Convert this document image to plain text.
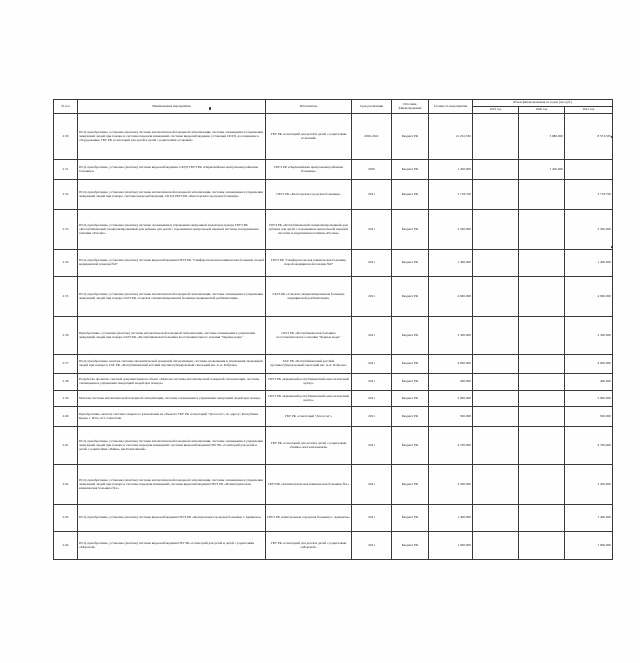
№ п/п	Наименование мероприятия	Исполнитель	Срок реализации	Источник финансирования	Стоимость мероприятия	Объем финансирования по годам (тыс.руб.)		
						2019 год	2020 год	2021 год
2.50	ПСД, приобретение, установка (монтаж) системы автоматической пожарной сигнализации, системы оповещения и управления эвакуацией людей при пожаре и системы передачи извещений, системы видеонаблюдения, установки СКУД, дооснащение к оборудованию ГБУ РК «Санаторий для детей и детей с родителями «Сакский»	ГБУ РК «Санаторий для детей и детей с родителями «Сакский»	2020-2021	Бюджет РК	12 252,565		3 680,000	8 572,565
2.51	ПСД, приобретение, установка (монтаж) системы видеонаблюдения, СКУД ГБУЗ РК «Первомайская центральная районная больница»	ГБУЗ РК «Первомайская центральная районная больница»	2020	Бюджет РК	1 450,000		1 450,000	
2.52	ПСД, приобретение, установка (монтаж) системы автоматической пожарной сигнализации, системы оповещения и управления эвакуацией людей при пожаре, системы видеонаблюдения, СКУД ГБУЗ РК «Белогорская городская больница»	ГБУЗ РК «Белогорская городская больница»	2021	Бюджет РК	3 718,700			3 718,700
2.53	ПСД, приобретение, установка (монтаж) системы оповещения и управления эвакуацией людей при пожаре ГБУЗ РК «Республиканский специализированный дом ребенка для детей с поражением центральной нервной системы и нарушением психики «Елочка»	ГБУЗ РК «Республиканский специализированный дом ребенка для детей с поражением центральной нервной системы и нарушением психики «Елочка»	2021	Бюджет РК	2 500,000			2 500,000
2.54	ПСД, приобретение, установка (монтаж) системы видеонаблюдения ГБУЗ РК "Симферопольская клиническая больница скорой медицинской помощи №6"	ГБУЗ РК "Симферопольская клиническая больница скорой медицинской помощи №6"	2021	Бюджет РК	1 400,000			1 400,000
2.55	ПСД, приобретение, установка (монтаж) системы автоматической пожарной сигнализации, системы оповещения и управления эвакуацией людей при пожаре ГАУЗ РК «Сакская специализированная больница медицинской реабилитации»	ГАУЗ РК «Сакская специализированная больница медицинской реабилитации»	2021	Бюджет РК	4 900,000			4 900,000
2.56	Приобретение, установка (монтаж) системы автоматической пожарной сигнализации, системы оповещения и управления эвакуацией людей при пожаре ГАУЗ РК «Республиканская больница восстановительного лечения "Черные воды"	ГАУЗ РК «Республиканская больница восстановительного лечения "Черные воды"	2021	Бюджет РК	2 300,000			2 300,000
2.57	ПСД, приобретение, монтаж системы автоматической пожарной сигнализации, системы оповещения и управления эвакуацией людей при пожаре в ГАУ РК «Республиканский детский противотуберкулезный санаторий им. А.А. Боброва»	ГАУ РК «Республиканский детский противотуберкулезный санаторий им. А.А. Боброва»	2021	Бюджет РК	4 000,000			4 000,000
2.58	Разработка проектно-сметной документации на объект «Монтаж системы автоматической пожарной сигнализации, системы оповещения и управления эвакуацией людей при пожаре»	ГБУЗ РК «Крымский республиканский онкологический центр»	2021	Бюджет РК	400,000			400,000
2.59	Монтаж системы автоматической пожарной сигнализации, системы оповещения и управления эвакуацией людей при пожаре	ГБУЗ РК «Крымский республиканский онкологический центр»	2021	Бюджет РК	5 900,000			5 900,000
2.60	Приобретение, монтаж системы закрытого ключевания на объектах ГБУ РК «Санаторий "Долоссы"» по адресу: Республика Крым, г. Ялта, пгт. Севастьян	ГБУ РК «Санаторий "Долоссы"»	2021	Бюджет РК	500,000			500,000
2.61	ПСД, приобретение, установка (монтаж) системы автоматической пожарной сигнализации, системы оповещения и управления эвакуацией людей при пожаре и системы передачи извещений, системы видеонаблюдения ГБУ РК «Санаторий для детей и детей с родителями «Чайка» им.Гелиловичей»	ГБУ РК «Санаторий для детей и детей с родителями «Чайка» им.Гелиловичей»	2021	Бюджет РК	4 700,000			4 700,000
2.62	ПСД, приобретение, установка (монтаж) системы автоматической пожарной сигнализации, системы оповещения и управления эвакуацией людей при пожаре и системы передачи извещений, системы видеонаблюдения ГБУЗ РК «Психиатрическая клиническая больница №1»	ГБУЗ РК «Психиатрическая клиническая больница №1»	2021	Бюджет РК	3 200,000			3 200,000
2.63	ПСД, приобретение, установка (монтаж) системы видеонаблюдения ГБУЗ РК «Центральная городская больница г. Армянска»	ГБУЗ РК «Центральная городская больница г. Армянска»	2021	Бюджет РК	1 400,000			1 400,000
2.64	ПСД, приобретение, установка (монтаж) системы видеонаблюдения ГБУ РК «Санаторий для детей и детей с родителями «Морской»	ГБУ РК «Санаторий для детей и детей с родителями «Морской»	2021	Бюджет РК	1 000,000			1 000,000
